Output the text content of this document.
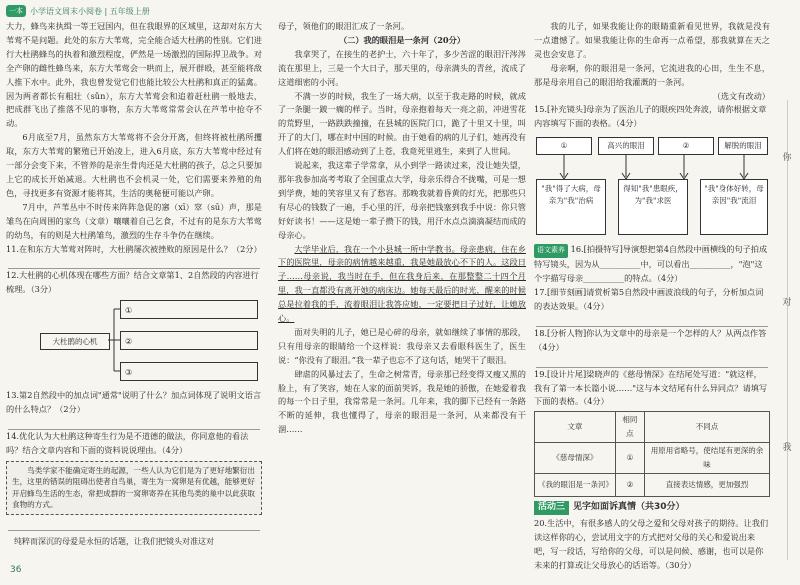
一本 小学语文周末小阅卷 | 五年级上册

大力，蜂鸟来执缉一等王冠国内，但在我眼界的区域里，这却对东方大苇莺不是问题。此处的东方大苇莺，完全能合适大杜鹃的性别。它们进行大杜鹃蜂鸟的执着和激烈程度，俨然是一场激烈的国际捍卫战争。对全产卵的雌性蜂鸟来，东方大苇莺会一哄而上，展开群殴，甚至能将敌人推下水中。此外，我也曾发觉它们也能比较公大杜鹃和真正的猛禽。因为两者都长有粗壮（sǔn），东方大苇莺会和追着赶杜鹃一般地去，把成群飞出了推落不见的事物，东方大苇莺常常会认在芦苇中抢夺不动。

6月底至7月，虽然东方大苇莺将不会分开离，但终将被杜鹃所攫取，东方大苇莺的繁殖已开始凌上，进入6月底，东方大苇莺中经过有一部分会变下来，不管养的是亲生骨肉还是大杜鹃的孩子，总之只要加上它的成长开始减退。大杜鹃也不会机灵一处，它们需要来养殖的角色，寻找更多有资源才能将其，生活的奥秘便可能以产卵。

7月中，芦苇丛中不时传来阵阵急促的窸（xī）窣（sū）声，那是雏鸟在向周围的家鸟（文章）嚷嚷着自己乞食，不过有的是东方大苇莺的幼鸟，有的则是大杜鹃雏鸟，激烈的生存斗争仍在继续。

11.在和东方大苇莺对阵时，大杜鹃屡次被挫败的原因是什么？（2分）
12.大杜鹃的心机体现在哪些方面？结合文章第1、2自然段的内容进行梳理。（3分）
大杜鹃的心机
①
②
③
13.第2自然段中的加点词"通常"说明了什么？加点词体现了说明文语言的什么特点？（2分）
14.优化认为大杜鹃这种寄生行为是不道德的做法，你同意他的看法吗？结合文章内容和下面的资料说说理由。（4分）
鸟类学家不能确定寄生的起源，一些人认为它们是为了更好地繁衍出生，这里的错误的阻碍出使者自鸟巢，寄生为一窝卵是有优越，能够更好开启蜂鸟生活的生态，常把成群的一窝卵寄养在其他鸟类的巢中以此获取食物的方式。
纯粹而深沉的母爱是永恒的话题，让我们把镜头对准这对
36

母子，领他们的眼泪汇成了一条河。

（二）我的眼泪是一条河（20分）

我拿哭了，在接生的老护士，六十年了，多少苦涩的眼泪汗涔涔流在那里上，三是一个大日子，那天里的，母亲满头的青丝，流成了这道细密的小河。

不满一岁的时候，我生了一场大病，以至于我走路的时候，就成了一条腿一跛一瘸的样子。当时，母亲抱着每天一亮之前，冲进雪花的荒野里，一路跌跌撞撞，在县城的医院门口，跪了十里又十里，叫开了的大门，哪在时中国的时候。由于她看的病的儿子们，她再没有人们将在她的眼泪感动到了上苍，我竟死里逃生，来到了人世间。

说起来，我这辈子学常拿，从小到学一路读过来，没让她失望，那年我参加高考考取了全国重点大学，母亲乐得合不拢嘴，可是一想到学费，她的笑容里又有了愁容。那晚我就着昏黄的灯光，把那些只有尽心的钱数了一遍，手心里的汗，母亲把钱塞到我手中说：你只管好好读书！——这是她一辈子攒下的钱，用汗水点点滴滴凝结而成的母亲心。

大学毕业后，我在一个小县城一所中学教书。母亲患病，住在乡下的医院里，母亲的病情越来越重，我是她最放心不下的人。这段日子……母亲说，我当时在手，但在我身后来，在那整整二十四个月里，我一直都没有离开她的病床边。她每天最后的时光，醒来的时候总是拉着我的手，流着眼泪让我答应她，一定要把日子过好，让她放心。

面对失明的儿子，她已是心碎的母亲，就如继续了事情的那段，只有用母亲的眼睛给一个这样说：我母亲又去看眼科医生了，医生说：“你没有了眼泪。”我一辈子也忘不了这句话，她哭干了眼泪。

肆虐的风暴过去了，生命之树常青，母亲那已经变得又瘦又黑的脸上，有了笑容，她在人家的面前哭诉，我是她的骄傲，在她爱着我的每一个日子里，我常常是一条河。几年来，我的脚下已经有一条路不断的延伸，我也懂得了，母亲的眼泪是一条河，从来都没有干涸……

我的儿子，如果我能让你的眼睛重新看见世界，我就是没有一点遗憾了。如果我能让你的生命再一点希望，那我就算在天之灵也会安息了。

母亲啊，你的眼泪是一条河，它流进我的心田，生生不息，那是母亲用自己的眼泪给我灌溉的一条河。

（选文有改动）
15.[补充镜头]母亲为了医治儿子的眼疾四处奔波，请你根据文章内容填写下面的表格。（4分）
①	高兴的眼泪	②	解脱的眼泪
"我"得了大病，母亲为"我"治病
得知"我"患眼疾，为"我"求医
"我"身体好转，母亲因"我"流泪
语文素养 16.[拍摄特写]导演想把第4自然段中画横线的句子拍成特写镜头，因为从__________中，可以看出__________，"泡"这个字描写母亲__________的特点。（4分）
17.[细节刻画]请赏析第5自然段中画波浪线的句子，分析加点词的表达效果。（4分）
18.[分析人物]你认为文章中的母亲是一个怎样的人？从两点作答（4分）
19.[设计片尾]梁晓声的《慈母情深》在结尾处写道："就这样，我有了第一本长篇小说……"这与本文结尾有什么异同点？请填写下面的表格。（4分）
文章	相同点	不同点
《慈母情深》	①	用原用省略号，使结尾有更深的余味
《我的眼泪是一条河》	②	直接表达情感，更加强烈
活动三 见字如面诉真情（共30分）
20.生活中，有很多感人的父母之爱和父母对孩子的期待。让我们读这样你的心，尝试用文字的方式把对父母的关心和爱说出来吧，写一段话，写给你的父母，可以是问候、感谢，也可以是你未来的打算或让父母放心的话语等。（30分）
你
对
我
